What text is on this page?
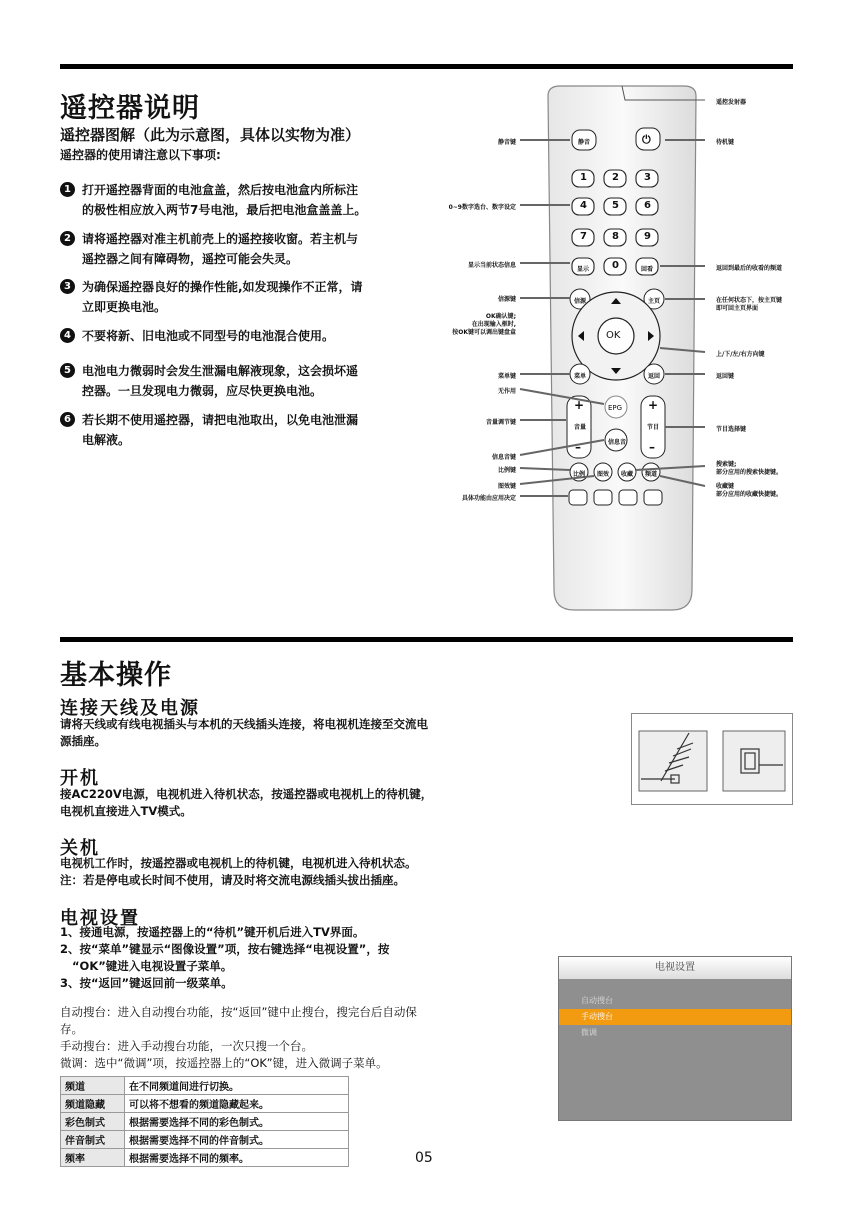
遥控器说明
遥控器图解（此为示意图，具体以实物为准）
遥控器的使用请注意以下事项:
1 打开遥控器背面的电池盒盖，然后按电池盒内所标注
的极性相应放入两节7号电池，最后把电池盒盖盖上。
2 请将遥控器对准主机前壳上的遥控接收窗。若主机与
遥控器之间有障碍物，遥控可能会失灵。
3 为确保遥控器良好的操作性能,如发现操作不正常，请
立即更换电池。
4 不要将新、旧电池或不同型号的电池混合使用。
5 电池电力微弱时会发生泄漏电解液现象，这会损坏遥
控器。一旦发现电力微弱，应尽快更换电池。
6 若长期不使用遥控器，请把电池取出，以免电池泄漏
电解液。
静音键
0~9数字选台、数字设定
显示当前状态信息
信源键
OK确认键;
在出现输入框时,
按OK键可以调出键盘盒
菜单键
无作用
音量调节键
信息音键
比例键
图效键
具体功能由应用决定
遥控发射器
待机键
返回到最后的收看的频道
在任何状态下，按主页键
即可回主页界面
上/下/左/右方向键
返回键
节目选择键
搜索键;
部分应用的搜索快捷键。
收藏键
部分应用的收藏快捷键。
静音	⏻
1	2	3
4	5	6
7	8	9
显示 0	回看
信源	主页
OK
菜单	返回
EPG
信息音
+
音量
–
+
节目
–
比例 图效 收藏 频道
基本操作
连接天线及电源
请将天线或有线电视插头与本机的天线插头连接，将电视机连接至交流电
源插座。
开机
接AC220V电源，电视机进入待机状态，按遥控器或电视机上的待机键，
电视机直接进入TV模式。
关机
电视机工作时，按遥控器或电视机上的待机键，电视机进入待机状态。
注：若是停电或长时间不使用，请及时将交流电源线插头拔出插座。
电视设置
1、接通电源，按遥控器上的“待机”键开机后进入TV界面。
2、按“菜单”键显示“图像设置”项，按右键选择“电视设置”，按
“OK”键进入电视设置子菜单。
3、按“返回”键返回前一级菜单。
自动搜台：进入自动搜台功能，按“返回”键中止搜台，搜完台后自动保
存。
手动搜台：进入手动搜台功能，一次只搜一个台。
微调：选中“微调”项，按遥控器上的“OK”键，进入微调子菜单。
频道	在不同频道间进行切换。
频道隐藏	可以将不想看的频道隐藏起来。
彩色制式	根据需要选择不同的彩色制式。
伴音制式	根据需要选择不同的伴音制式。
频率	根据需要选择不同的频率。
电视设置
自动搜台
手动搜台
微调
05
